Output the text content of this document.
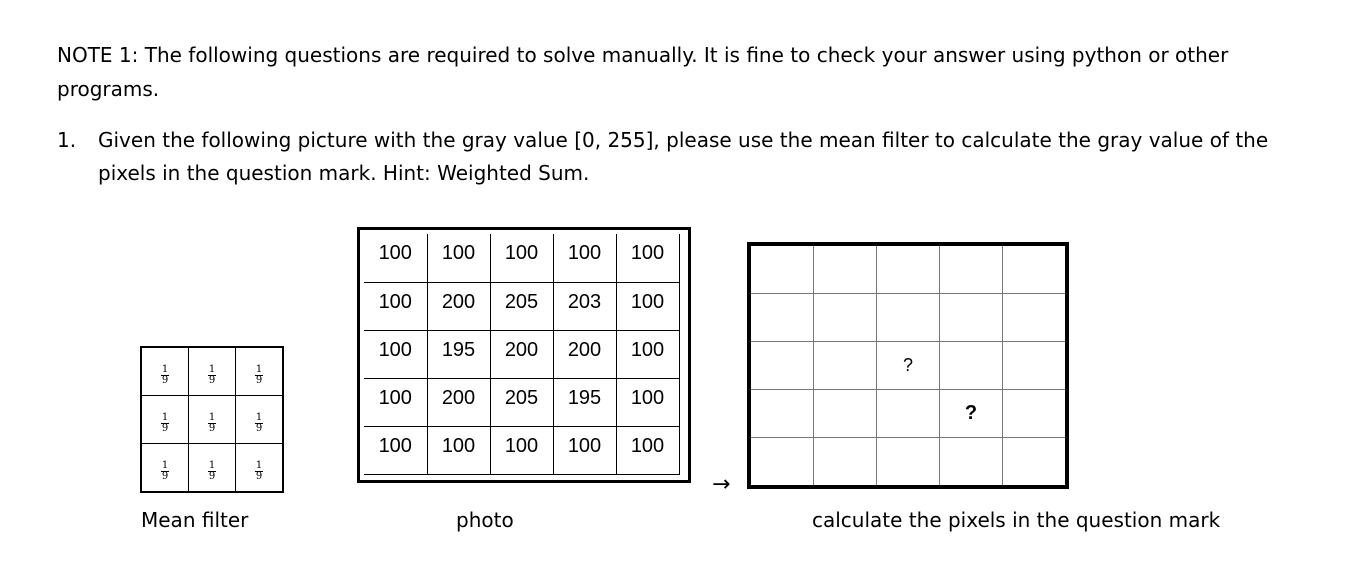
NOTE 1: The following questions are required to solve manually. It is fine to check your answer using python or other programs.
1. Given the following picture with the gray value [0, 255], please use the mean filter to calculate the gray value of the pixels in the question mark. Hint: Weighted Sum.
$\frac{1}{9}$	$\frac{1}{9}$	$\frac{1}{9}$

$\frac{1}{9}$	$\frac{1}{9}$	$\frac{1}{9}$

$\frac{1}{9}$	$\frac{1}{9}$	$\frac{1}{9}$
Mean filter
100	100	100	100	100
100	200	205	203	100
100	195	200	200	100
100	200	205	195	100
100	100	100	100	100
photo
→

		?		
			?	

calculate the pixels in the question mark
